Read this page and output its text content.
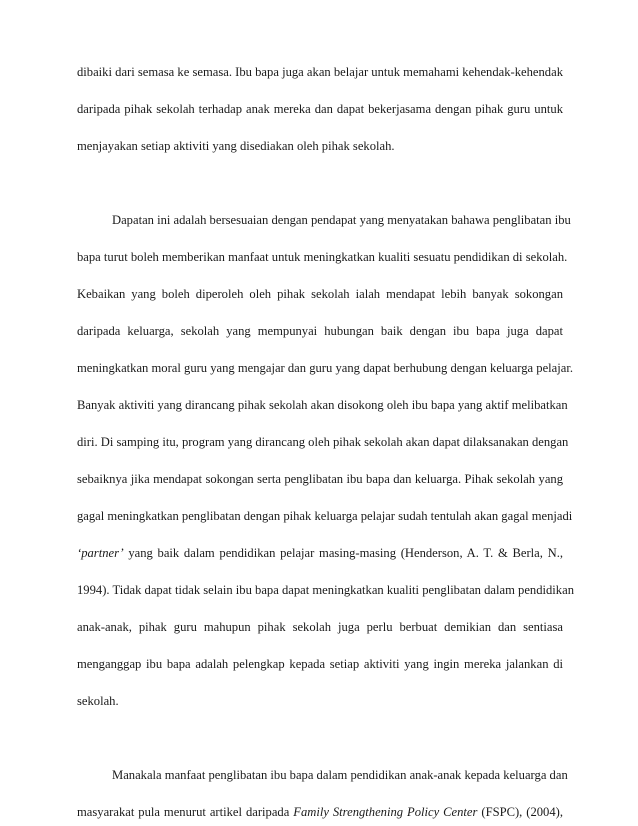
dibaiki dari semasa ke semasa. Ibu bapa juga akan belajar untuk memahami kehendak-kehendak
daripada pihak sekolah terhadap anak mereka dan dapat bekerjasama dengan pihak guru untuk
menjayakan setiap aktiviti yang disediakan oleh pihak sekolah.
Dapatan ini adalah bersesuaian dengan pendapat yang menyatakan bahawa penglibatan ibu
bapa turut boleh memberikan manfaat untuk meningkatkan kualiti sesuatu pendidikan di sekolah.
Kebaikan yang boleh diperoleh oleh pihak sekolah ialah mendapat lebih banyak sokongan
daripada keluarga, sekolah yang mempunyai hubungan baik dengan ibu bapa juga dapat
meningkatkan moral guru yang mengajar dan guru yang dapat berhubung dengan keluarga pelajar.
Banyak aktiviti yang dirancang pihak sekolah akan disokong oleh ibu bapa yang aktif melibatkan
diri. Di samping itu, program yang dirancang oleh pihak sekolah akan dapat dilaksanakan dengan
sebaiknya jika mendapat sokongan serta penglibatan ibu bapa dan keluarga. Pihak sekolah yang
gagal meningkatkan penglibatan dengan pihak keluarga pelajar sudah tentulah akan gagal menjadi
‘partner’ yang baik dalam pendidikan pelajar masing-masing (Henderson, A. T. & Berla, N.,
1994). Tidak dapat tidak selain ibu bapa dapat meningkatkan kualiti penglibatan dalam pendidikan
anak-anak, pihak guru mahupun pihak sekolah juga perlu berbuat demikian dan sentiasa
menganggap ibu bapa adalah pelengkap kepada setiap aktiviti yang ingin mereka jalankan di
sekolah.
Manakala manfaat penglibatan ibu bapa dalam pendidikan anak-anak kepada keluarga dan
masyarakat pula menurut artikel daripada Family Strengthening Policy Center (FSPC), (2004),
